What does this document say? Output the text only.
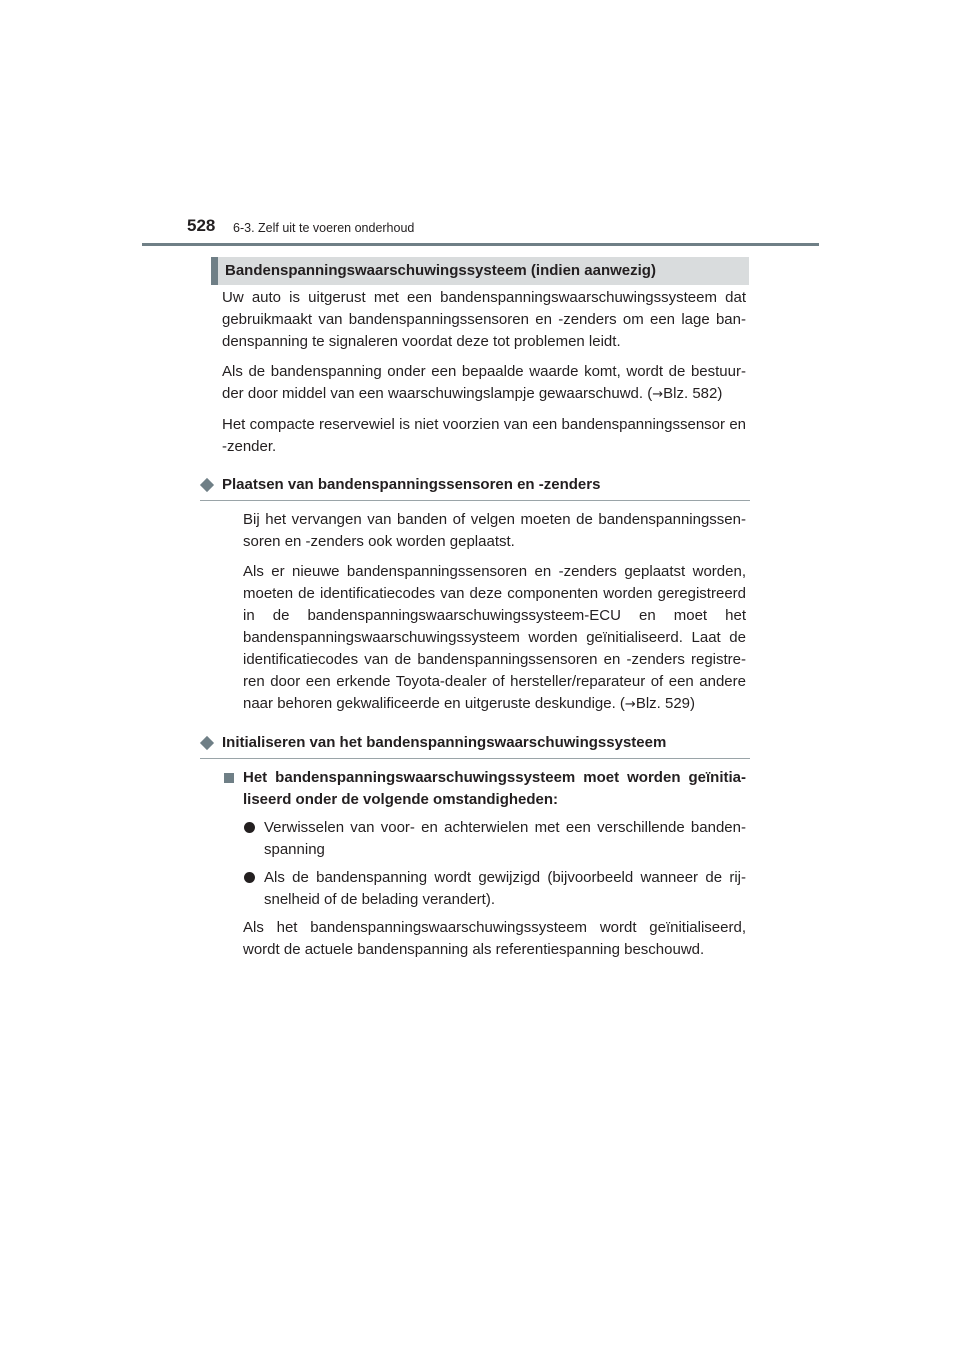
528 6-3. Zelf uit te voeren onderhoud
Bandenspanningswaarschuwingssysteem (indien aanwezig)

Uw auto is uitgerust met een bandenspanningswaarschuwingssysteem dat gebruikmaakt van bandenspanningssensoren en -zenders om een lage bandenspanning te signaleren voordat deze tot problemen leidt.

Als de bandenspanning onder een bepaalde waarde komt, wordt de bestuurder door middel van een waarschuwingslampje gewaarschuwd. (→Blz. 582)

Het compacte reservewiel is niet voorzien van een bandenspanningssensor en -zender.

Plaatsen van bandenspanningssensoren en -zenders

Bij het vervangen van banden of velgen moeten de bandenspanningssensoren en -zenders ook worden geplaatst.

Als er nieuwe bandenspanningssensoren en -zenders geplaatst worden, moeten de identificatiecodes van deze componenten worden geregistreerd in de bandenspanningswaarschuwingssysteem-ECU en moet het bandenspanningswaarschuwingssysteem worden geïnitialiseerd. Laat de identificatiecodes van de bandenspanningssensoren en -zenders registreren door een erkende Toyota-dealer of hersteller/reparateur of een andere naar behoren gekwalificeerde en uitgeruste deskundige. (→Blz. 529)

Initialiseren van het bandenspanningswaarschuwingssysteem
Het bandenspanningswaarschuwingssysteem moet worden geïnitialiseerd onder de volgende omstandigheden:
Verwisselen van voor- en achterwielen met een verschillende bandenspanning
Als de bandenspanning wordt gewijzigd (bijvoorbeeld wanneer de rijsnelheid of de belading verandert).

Als het bandenspanningswaarschuwingssysteem wordt geïnitialiseerd, wordt de actuele bandenspanning als referentiespanning beschouwd.
